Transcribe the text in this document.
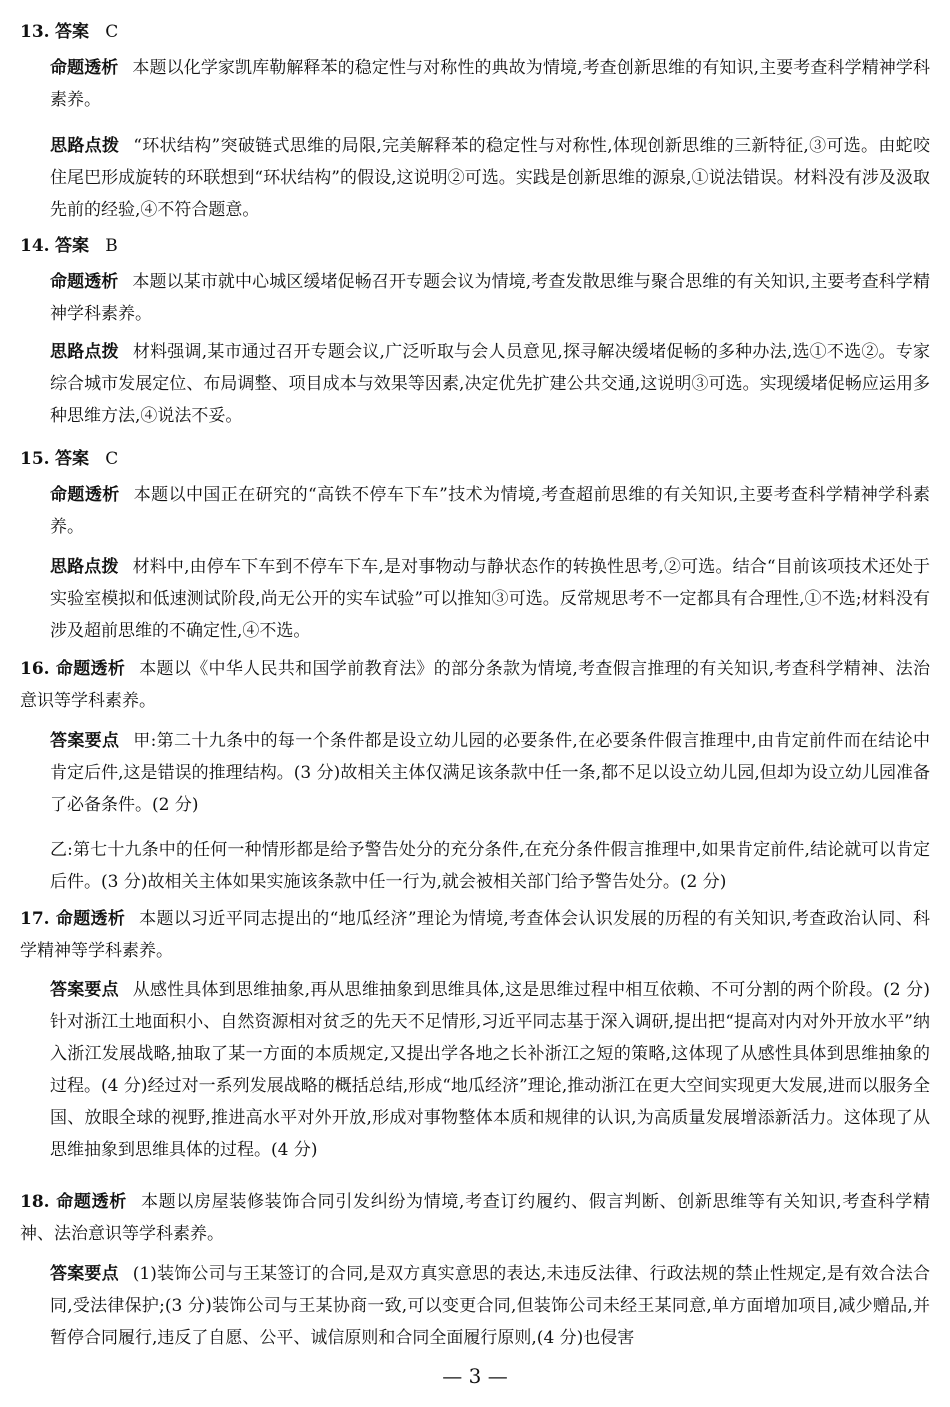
13. 答案 C
命题透析 本题以化学家凯库勒解释苯的稳定性与对称性的典故为情境,考查创新思维的有知识,主要考查科学精神学科素养。
思路点拨 “环状结构”突破链式思维的局限,完美解释苯的稳定性与对称性,体现创新思维的三新特征,③可选。由蛇咬住尾巴形成旋转的环联想到“环状结构”的假设,这说明②可选。实践是创新思维的源泉,①说法错误。材料没有涉及汲取先前的经验,④不符合题意。
14. 答案 B
命题透析 本题以某市就中心城区缓堵促畅召开专题会议为情境,考查发散思维与聚合思维的有关知识,主要考查科学精神学科素养。
思路点拨 材料强调,某市通过召开专题会议,广泛听取与会人员意见,探寻解决缓堵促畅的多种办法,选①不选②。专家综合城市发展定位、布局调整、项目成本与效果等因素,决定优先扩建公共交通,这说明③可选。实现缓堵促畅应运用多种思维方法,④说法不妥。
15. 答案 C
命题透析 本题以中国正在研究的“高铁不停车下车”技术为情境,考查超前思维的有关知识,主要考查科学精神学科素养。
思路点拨 材料中,由停车下车到不停车下车,是对事物动与静状态作的转换性思考,②可选。结合“目前该项技术还处于实验室模拟和低速测试阶段,尚无公开的实车试验”可以推知③可选。反常规思考不一定都具有合理性,①不选;材料没有涉及超前思维的不确定性,④不选。
16. 命题透析 本题以《中华人民共和国学前教育法》的部分条款为情境,考查假言推理的有关知识,考查科学精神、法治意识等学科素养。
答案要点 甲:第二十九条中的每一个条件都是设立幼儿园的必要条件,在必要条件假言推理中,由肯定前件而在结论中肯定后件,这是错误的推理结构。(3 分)故相关主体仅满足该条款中任一条,都不足以设立幼儿园,但却为设立幼儿园准备了必备条件。(2 分)
乙:第七十九条中的任何一种情形都是给予警告处分的充分条件,在充分条件假言推理中,如果肯定前件,结论就可以肯定后件。(3 分)故相关主体如果实施该条款中任一行为,就会被相关部门给予警告处分。(2 分)
17. 命题透析 本题以习近平同志提出的“地瓜经济”理论为情境,考查体会认识发展的历程的有关知识,考查政治认同、科学精神等学科素养。
答案要点 从感性具体到思维抽象,再从思维抽象到思维具体,这是思维过程中相互依赖、不可分割的两个阶段。(2 分)针对浙江土地面积小、自然资源相对贫乏的先天不足情形,习近平同志基于深入调研,提出把“提高对内对外开放水平”纳入浙江发展战略,抽取了某一方面的本质规定,又提出学各地之长补浙江之短的策略,这体现了从感性具体到思维抽象的过程。(4 分)经过对一系列发展战略的概括总结,形成“地瓜经济”理论,推动浙江在更大空间实现更大发展,进而以服务全国、放眼全球的视野,推进高水平对外开放,形成对事物整体本质和规律的认识,为高质量发展增添新活力。这体现了从思维抽象到思维具体的过程。(4 分)
18. 命题透析 本题以房屋装修装饰合同引发纠纷为情境,考查订约履约、假言判断、创新思维等有关知识,考查科学精神、法治意识等学科素养。
答案要点 (1)装饰公司与王某签订的合同,是双方真实意思的表达,未违反法律、行政法规的禁止性规定,是有效合法合同,受法律保护;(3 分)装饰公司与王某协商一致,可以变更合同,但装饰公司未经王某同意,单方面增加项目,减少赠品,并暂停合同履行,违反了自愿、公平、诚信原则和合同全面履行原则,(4 分)也侵害
— 3 —
